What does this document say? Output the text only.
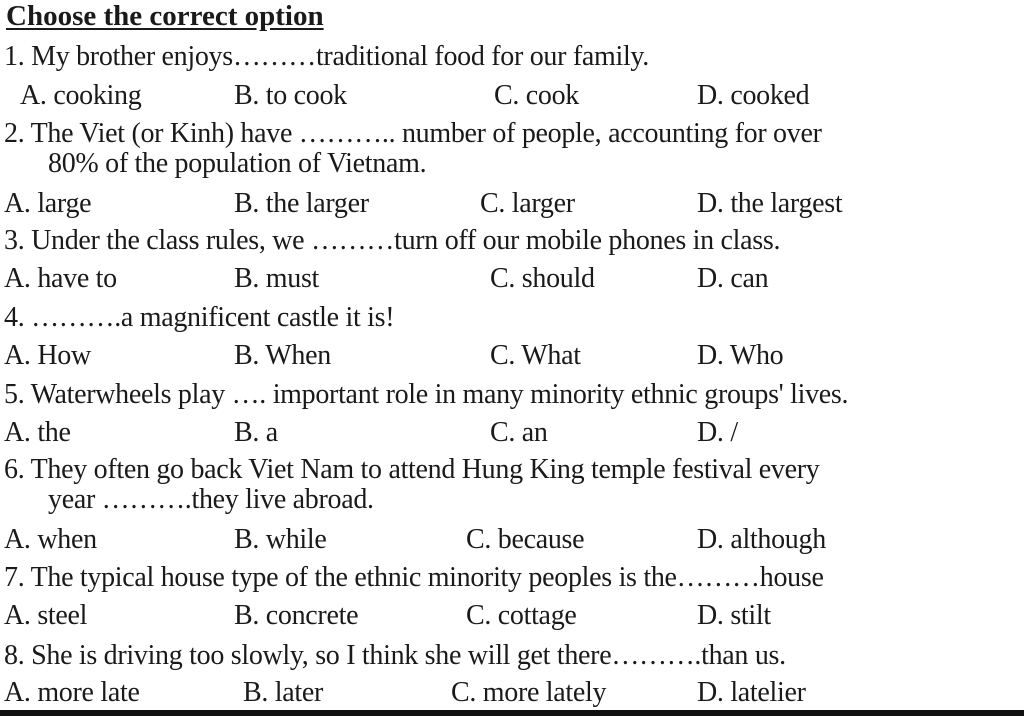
Choose the correct option
1. My brother enjoys………traditional food for our family.
A. cooking	B. to cook	C. cook	D. cooked
2. The Viet (or Kinh) have ……….. number of people, accounting for over
80% of the population of Vietnam.
A. large	B. the larger	C. larger	D. the largest
3. Under the class rules, we ………turn off our mobile phones in class.
A. have to	B. must	C. should	D. can
4. ……….a magnificent castle it is!
A. How	B. When	C. What	D. Who
5. Waterwheels play …. important role in many minority ethnic groups' lives.
A. the	B. a	C. an	D. /
6. They often go back Viet Nam to attend Hung King temple festival every
year ……….they live abroad.
A. when	B. while	C. because	D. although
7. The typical house type of the ethnic minority peoples is the………house
A. steel	B. concrete	C. cottage	D. stilt
8. She is driving too slowly, so I think she will get there……….than us.
A. more late	B. later	C. more lately	D. latelier
